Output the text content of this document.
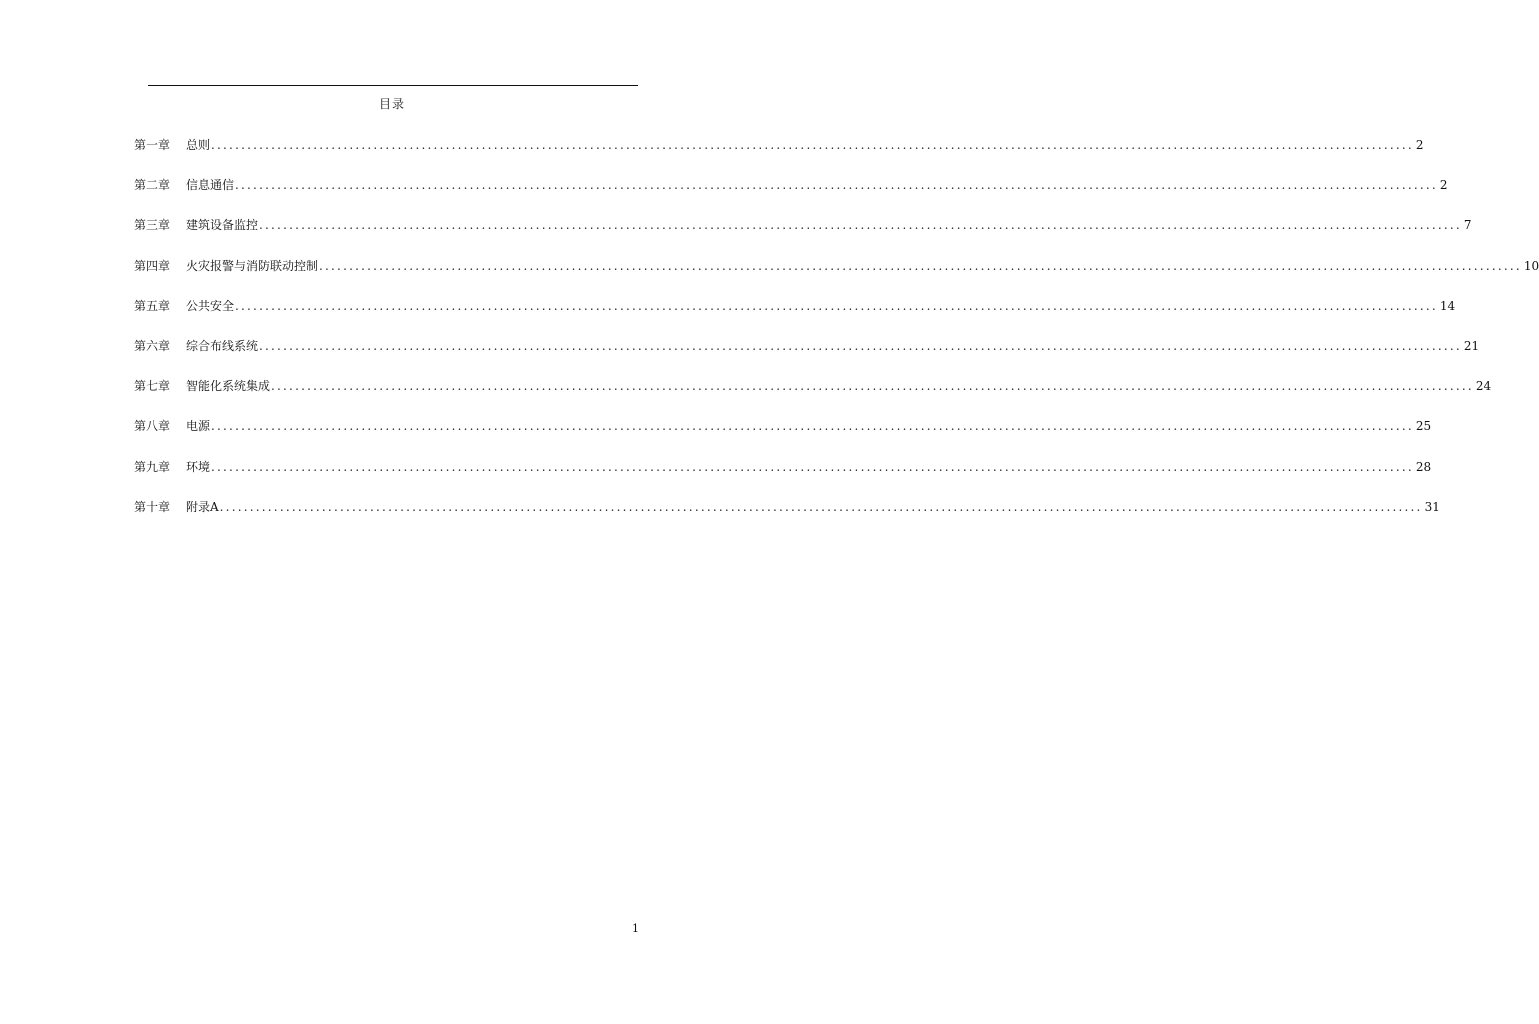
目录
第一章	总则 ........................................................................................................................................................................................................ 2
第二章	信息通信 ........................................................................................................................................................................................................ 2
第三章	建筑设备监控 ........................................................................................................................................................................................................ 7
第四章	火灾报警与消防联动控制 ........................................................................................................................................................................................................ 10
第五章	公共安全 ........................................................................................................................................................................................................ 14
第六章	综合布线系统 ........................................................................................................................................................................................................ 21
第七章	智能化系统集成 ........................................................................................................................................................................................................ 24
第八章	电源 ........................................................................................................................................................................................................ 25
第九章	环境 ........................................................................................................................................................................................................ 28
第十章	附录A ........................................................................................................................................................................................................ 31
1
